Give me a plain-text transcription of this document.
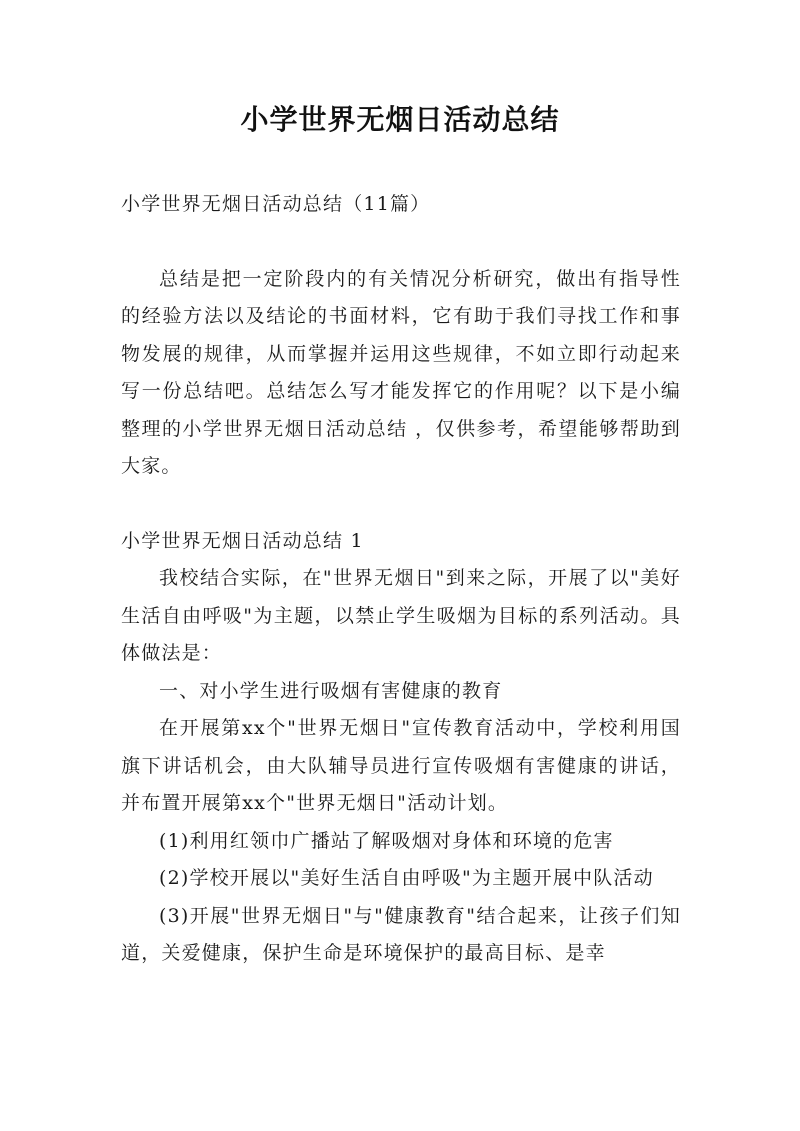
小学世界无烟日活动总结

小学世界无烟日活动总结（11篇）

总结是把一定阶段内的有关情况分析研究，做出有指导性的经验方法以及结论的书面材料，它有助于我们寻找工作和事物发展的规律，从而掌握并运用这些规律，不如立即行动起来写一份总结吧。总结怎么写才能发挥它的作用呢？以下是小编整理的小学世界无烟日活动总结 ，仅供参考，希望能够帮助到大家。

小学世界无烟日活动总结 1

我校结合实际，在"世界无烟日"到来之际，开展了以"美好生活自由呼吸"为主题，以禁止学生吸烟为目标的系列活动。具体做法是：

一、对小学生进行吸烟有害健康的教育

在开展第xx个"世界无烟日"宣传教育活动中，学校利用国旗下讲话机会，由大队辅导员进行宣传吸烟有害健康的讲话，并布置开展第xx个"世界无烟日"活动计划。

(1)利用红领巾广播站了解吸烟对身体和环境的危害

(2)学校开展以"美好生活自由呼吸"为主题开展中队活动

(3)开展"世界无烟日"与"健康教育"结合起来，让孩子们知道，关爱健康，保护生命是环境保护的最高目标、是幸
